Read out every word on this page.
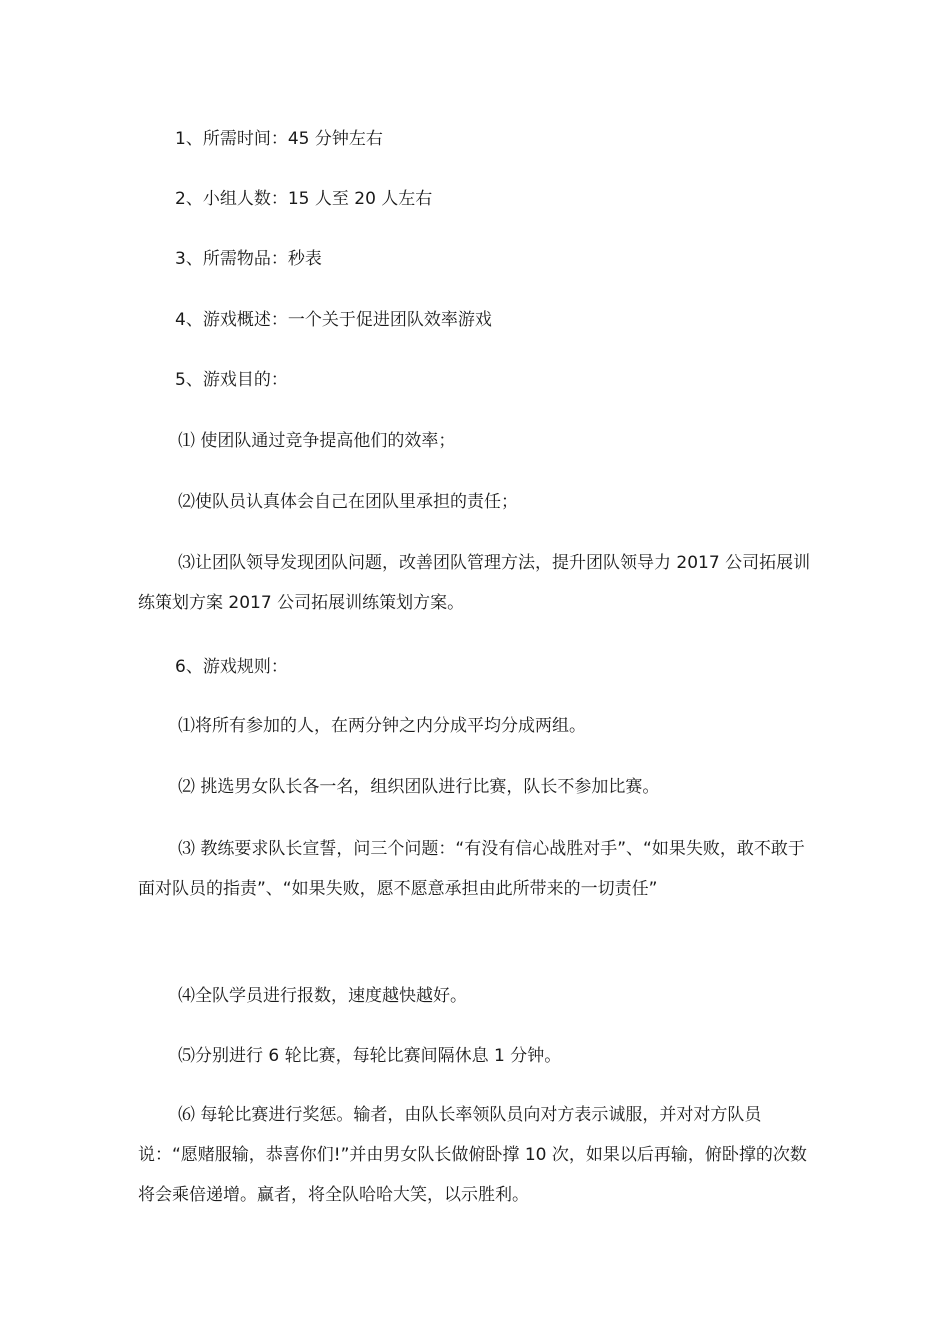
1、所需时间：45 分钟左右
2、小组人数：15 人至 20 人左右
3、所需物品：秒表
4、游戏概述：一个关于促进团队效率游戏
5、游戏目的：
⑴ 使团队通过竞争提高他们的效率；
⑵使队员认真体会自己在团队里承担的责任；
⑶让团队领导发现团队问题，改善团队管理方法，提升团队领导力 2017 公司拓展训练策划方案 2017 公司拓展训练策划方案。
6、游戏规则：
⑴将所有参加的人，在两分钟之内分成平均分成两组。
⑵ 挑选男女队长各一名，组织团队进行比赛，队长不参加比赛。
⑶ 教练要求队长宣誓，问三个问题：“有没有信心战胜对手”、“如果失败，敢不敢于面对队员的指责”、“如果失败，愿不愿意承担由此所带来的一切责任”
⑷全队学员进行报数，速度越快越好。
⑸分别进行 6 轮比赛，每轮比赛间隔休息 1 分钟。
⑹ 每轮比赛进行奖惩。输者，由队长率领队员向对方表示诚服，并对对方队员说：“愿赌服输，恭喜你们!”并由男女队长做俯卧撑 10 次，如果以后再输，俯卧撑的次数将会乘倍递增。赢者，将全队哈哈大笑，以示胜利。
